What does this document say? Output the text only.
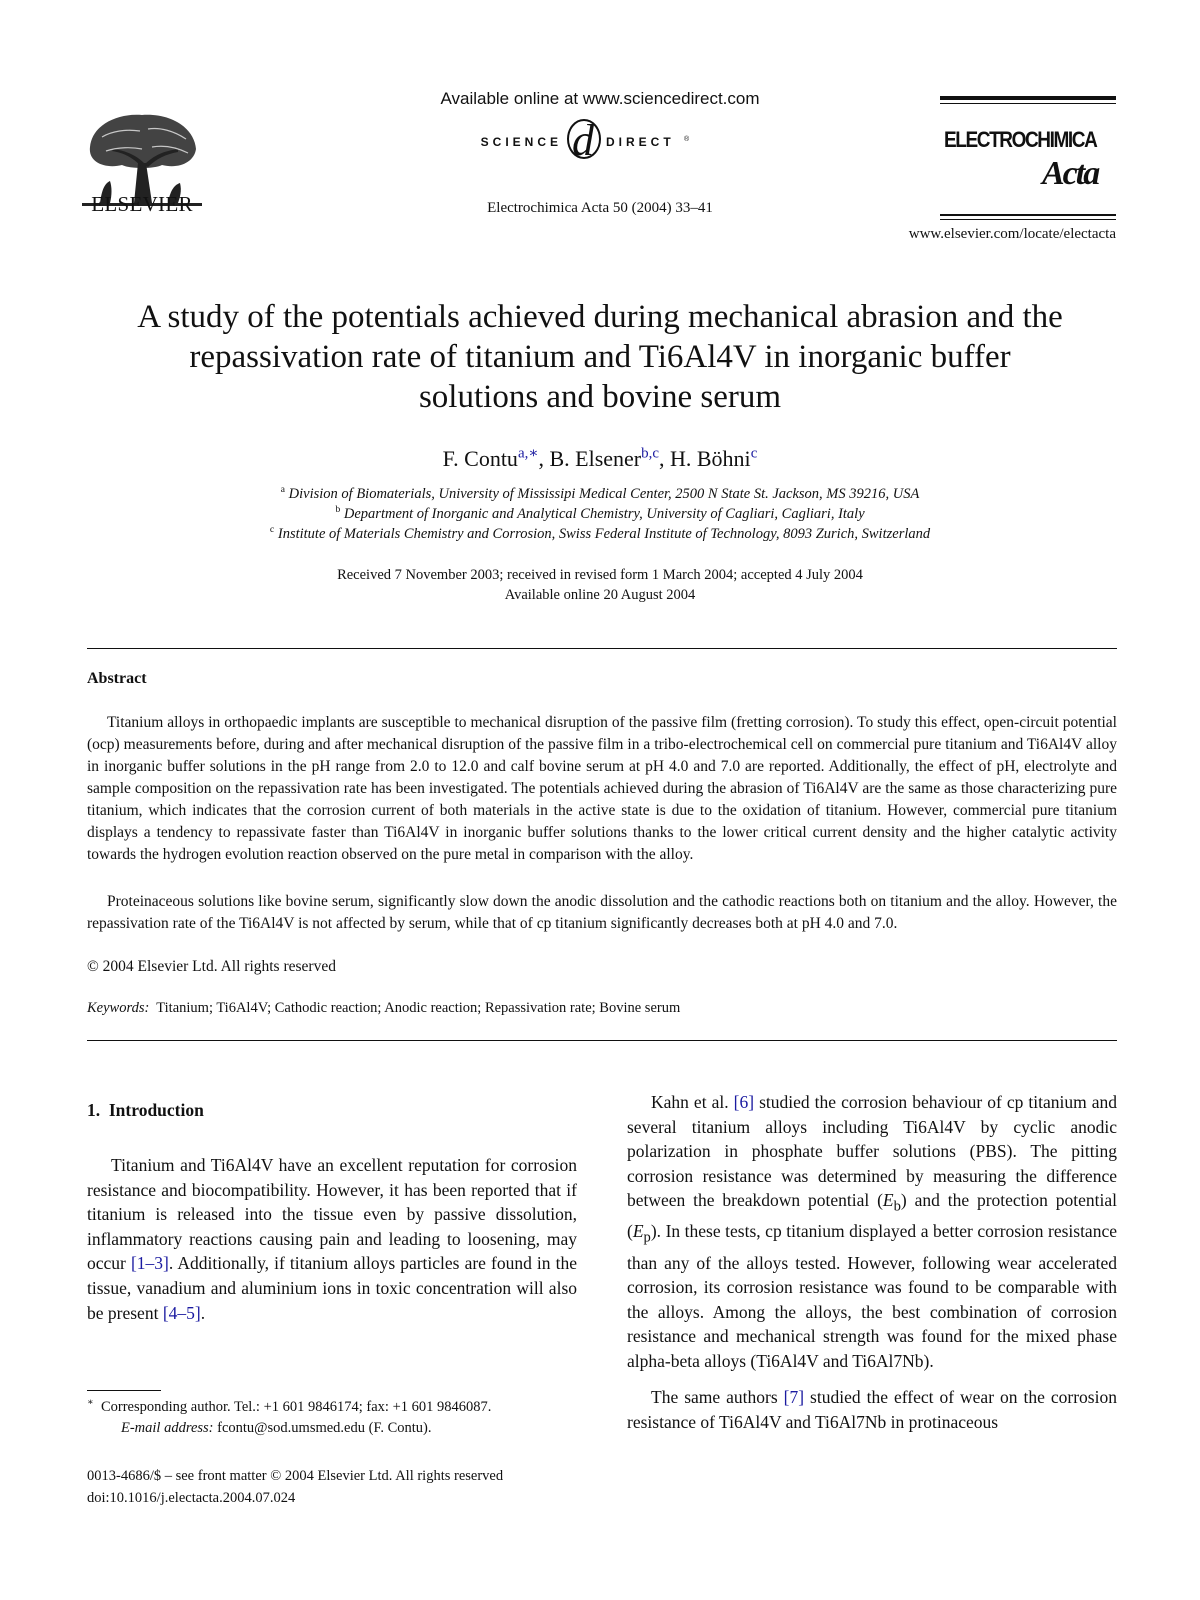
ELSEVIER
Available online at www.sciencedirect.com
SCIENCE d DIRECT ®
Electrochimica Acta 50 (2004) 33–41
ELECTROCHIMICA
Acta
www.elsevier.com/locate/electacta
A study of the potentials achieved during mechanical abrasion and the
repassivation rate of titanium and Ti6Al4V in inorganic buffer
solutions and bovine serum
F. Contu$^{a,∗}$, B. Elsener$^{b,c}$, H. Böhni$^c$
$^a$ Division of Biomaterials, University of Mississipi Medical Center, 2500 N State St. Jackson, MS 39216, USA
$^b$ Department of Inorganic and Analytical Chemistry, University of Cagliari, Cagliari, Italy
$^c$ Institute of Materials Chemistry and Corrosion, Swiss Federal Institute of Technology, 8093 Zurich, Switzerland
Received 7 November 2003; received in revised form 1 March 2004; accepted 4 July 2004
Available online 20 August 2004
Abstract
Titanium alloys in orthopaedic implants are susceptible to mechanical disruption of the passive film (fretting corrosion). To study this effect, open-circuit potential (ocp) measurements before, during and after mechanical disruption of the passive film in a tribo-electrochemical cell on commercial pure titanium and Ti6Al4V alloy in inorganic buffer solutions in the pH range from 2.0 to 12.0 and calf bovine serum at pH 4.0 and 7.0 are reported. Additionally, the effect of pH, electrolyte and sample composition on the repassivation rate has been investigated. The potentials achieved during the abrasion of Ti6Al4V are the same as those characterizing pure titanium, which indicates that the corrosion current of both materials in the active state is due to the oxidation of titanium. However, commercial pure titanium displays a tendency to repassivate faster than Ti6Al4V in inorganic buffer solutions thanks to the lower critical current density and the higher catalytic activity towards the hydrogen evolution reaction observed on the pure metal in comparison with the alloy.
Proteinaceous solutions like bovine serum, significantly slow down the anodic dissolution and the cathodic reactions both on titanium and the alloy. However, the repassivation rate of the Ti6Al4V is not affected by serum, while that of cp titanium significantly decreases both at pH 4.0 and 7.0.
© 2004 Elsevier Ltd. All rights reserved
Keywords: Titanium; Ti6Al4V; Cathodic reaction; Anodic reaction; Repassivation rate; Bovine serum
1.  Introduction
Titanium and Ti6Al4V have an excellent reputation for corrosion resistance and biocompatibility. However, it has been reported that if titanium is released into the tissue even by passive dissolution, inflammatory reactions causing pain and leading to loosening, may occur [1–3]. Additionally, if titanium alloys particles are found in the tissue, vanadium and aluminium ions in toxic concentration will also be present [4–5].
∗ Corresponding author. Tel.: +1 601 9846174; fax: +1 601 9846087.
E-mail address: fcontu@sod.umsmed.edu (F. Contu).
0013-4686/$ – see front matter © 2004 Elsevier Ltd. All rights reserved
doi:10.1016/j.electacta.2004.07.024
Kahn et al. [6] studied the corrosion behaviour of cp titanium and several titanium alloys including Ti6Al4V by cyclic anodic polarization in phosphate buffer solutions (PBS). The pitting corrosion resistance was determined by measuring the difference between the breakdown potential $(E_b)$ and the protection potential $(E_p)$. In these tests, cp titanium displayed a better corrosion resistance than any of the alloys tested. However, following wear accelerated corrosion, its corrosion resistance was found to be comparable with the alloys. Among the alloys, the best combination of corrosion resistance and mechanical strength was found for the mixed phase alpha-beta alloys (Ti6Al4V and Ti6Al7Nb).
The same authors [7] studied the effect of wear on the corrosion resistance of Ti6Al4V and Ti6Al7Nb in protinaceous
